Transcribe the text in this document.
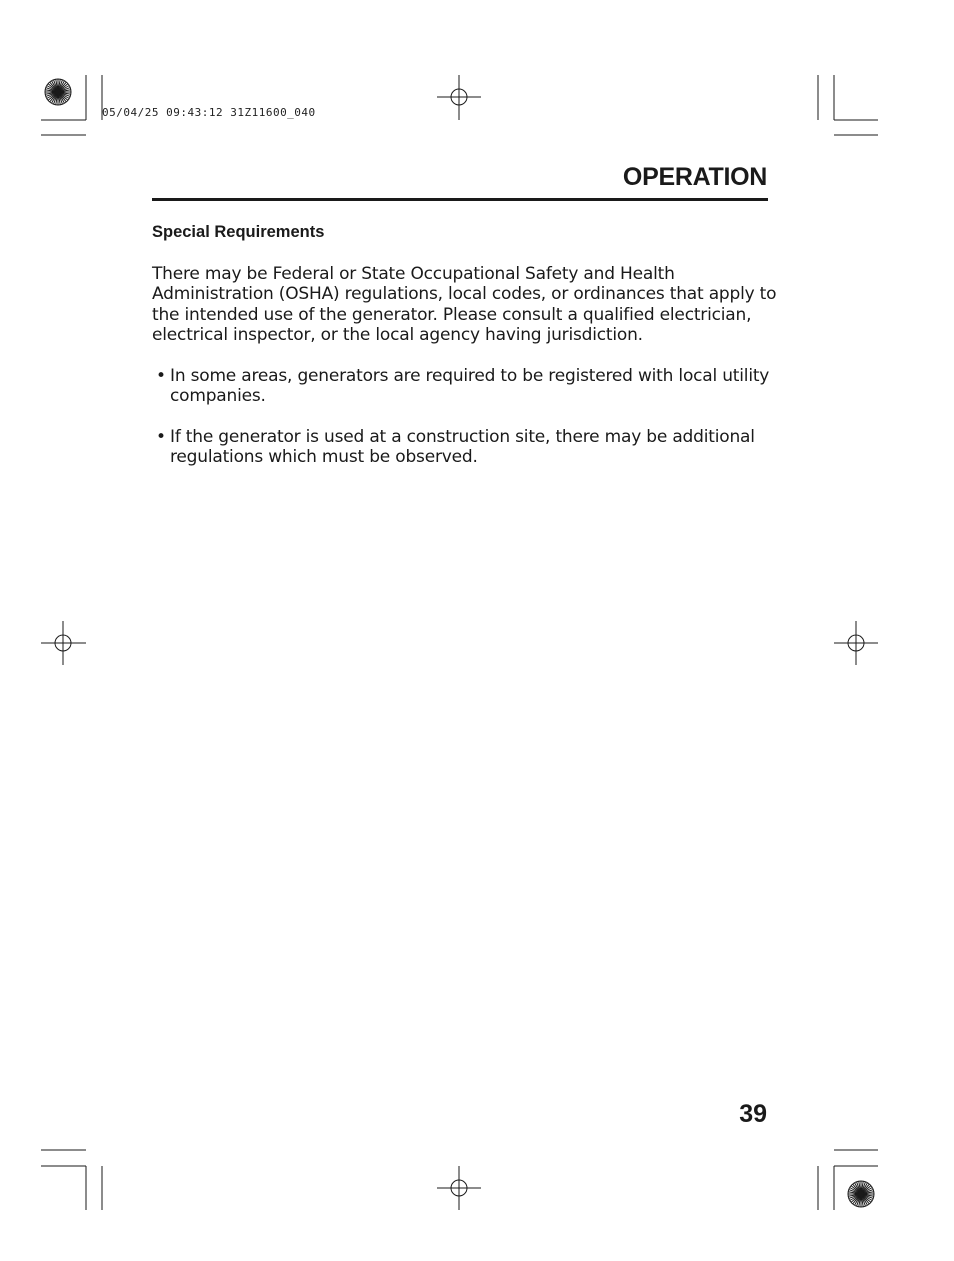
05/04/25 09:43:12 31Z11600_040
OPERATION
Special Requirements
There may be Federal or State Occupational Safety and Health Administration (OSHA) regulations, local codes, or ordinances that apply to the intended use of the generator. Please consult a qualified electrician, electrical inspector, or the local agency having jurisdiction.
• In some areas, generators are required to be registered with local utility companies.
• If the generator is used at a construction site, there may be additional regulations which must be observed.
39
